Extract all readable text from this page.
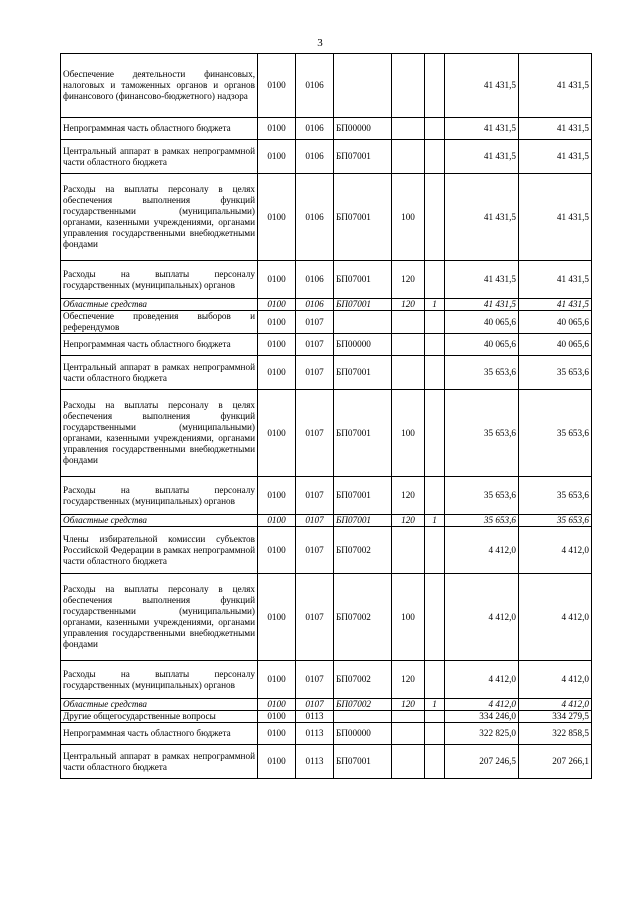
3
Обеспечение деятельности финансовых, налоговых и таможенных органов и органов финансового (финансово-бюджетного) надзора	0100	0106				41 431,5	41 431,5
Непрограммная часть областного бюджета	0100	0106	БП00000			41 431,5	41 431,5
Центральный аппарат в рамках непрограммной части областного бюджета	0100	0106	БП07001			41 431,5	41 431,5
Расходы на выплаты персоналу в целях обеспечения выполнения функций государственными (муниципальными) органами, казенными учреждениями, органами управления государственными внебюджетными фондами	0100	0106	БП07001	100		41 431,5	41 431,5
Расходы на выплаты персоналу государственных (муниципальных) органов	0100	0106	БП07001	120		41 431,5	41 431,5
Областные средства	0100	0106	БП07001	120	1	41 431,5	41 431,5
Обеспечение проведения выборов и референдумов	0100	0107				40 065,6	40 065,6
Непрограммная часть областного бюджета	0100	0107	БП00000			40 065,6	40 065,6
Центральный аппарат в рамках непрограммной части областного бюджета	0100	0107	БП07001			35 653,6	35 653,6
Расходы на выплаты персоналу в целях обеспечения выполнения функций государственными (муниципальными) органами, казенными учреждениями, органами управления государственными внебюджетными фондами	0100	0107	БП07001	100		35 653,6	35 653,6
Расходы на выплаты персоналу государственных (муниципальных) органов	0100	0107	БП07001	120		35 653,6	35 653,6
Областные средства	0100	0107	БП07001	120	1	35 653,6	35 653,6
Члены избирательной комиссии субъектов Российской Федерации в рамках непрограммной части областного бюджета	0100	0107	БП07002			4 412,0	4 412,0
Расходы на выплаты персоналу в целях обеспечения выполнения функций государственными (муниципальными) органами, казенными учреждениями, органами управления государственными внебюджетными фондами	0100	0107	БП07002	100		4 412,0	4 412,0
Расходы на выплаты персоналу государственных (муниципальных) органов	0100	0107	БП07002	120		4 412,0	4 412,0
Областные средства	0100	0107	БП07002	120	1	4 412,0	4 412,0
Другие общегосударственные вопросы	0100	0113				334 246,0	334 279,5
Непрограммная часть областного бюджета	0100	0113	БП00000			322 825,0	322 858,5
Центральный аппарат в рамках непрограммной части областного бюджета	0100	0113	БП07001			207 246,5	207 266,1
